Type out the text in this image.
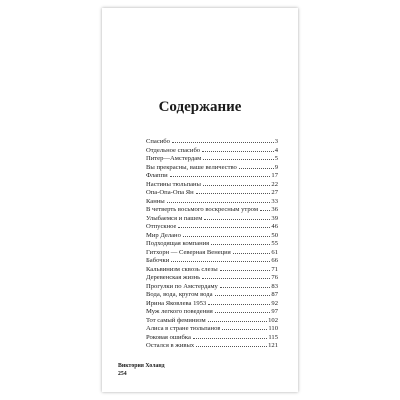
Содержание
Спасибо	3
Отдельное спасибо	4
Питер—Амстердам	5
Вы прекрасны, ваше величество	9
Флаппи	17
Настины тюльпаны	22
Опа-Опа-Опа Ян	27
Канны	33
В четверть восьмого воскресным утром 36
Улыбаемся и пашем	39
Отпускное	46
Мир Делано	50
Подходящая компания	55
Гитхорн — Северная Венеция	61
Бабочки	66
Кальвинизм сквозь слезы	71
Деревенская жизнь	76
Прогулки по Амстердаму	83
Вода, вода, кругом вода	87
Ирина Яковлева 1953	92
Муж легкого поведения	97
Тот самый феминизм	102
Алиса в стране тюльпанов	110
Роковая ошибка	115
Остался в живых	121

Виктория Холанд

254
